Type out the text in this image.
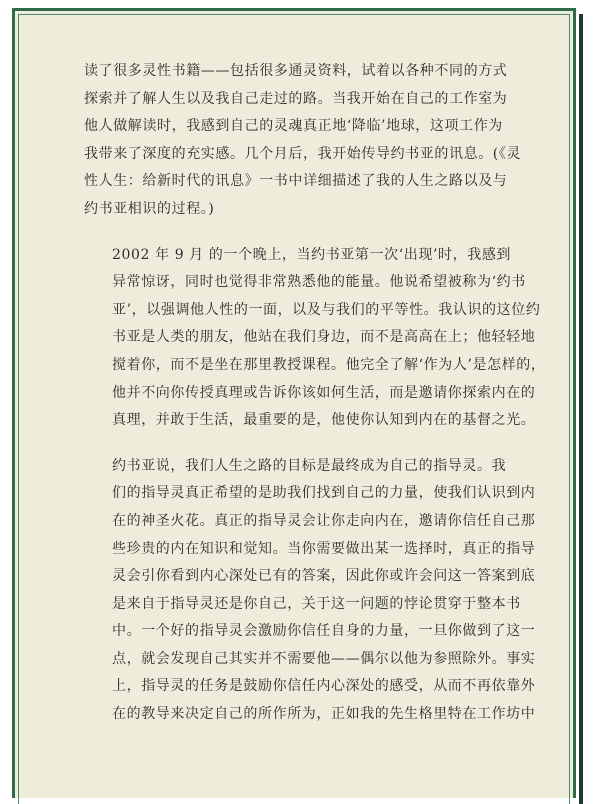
读了很多灵性书籍——包括很多通灵资料，试着以各种不同的方式
探索并了解人生以及我自己走过的路。当我开始在自己的工作室为
他人做解读时，我感到自己的灵魂真正地‘降临’地球，这项工作为
我带来了深度的充实感。几个月后，我开始传导约书亚的讯息。(《灵
性人生：给新时代的讯息》一书中详细描述了我的人生之路以及与
约书亚相识的过程。)
2002 年 9 月 的一个晚上，当约书亚第一次‘出现’时，我感到
异常惊讶，同时也觉得非常熟悉他的能量。他说希望被称为‘约书
亚’，以强调他人性的一面，以及与我们的平等性。我认识的这位约
书亚是人类的朋友，他站在我们身边，而不是高高在上；他轻轻地
搅着你，而不是坐在那里教授课程。他完全了解‘作为人’是怎样的，
他并不向你传授真理或告诉你该如何生活，而是邀请你探索内在的
真理，并敢于生活，最重要的是，他使你认知到内在的基督之光。
约书亚说，我们人生之路的目标是最终成为自己的指导灵。我
们的指导灵真正希望的是助我们找到自己的力量，使我们认识到内
在的神圣火花。真正的指导灵会让你走向内在，邀请你信任自己那
些珍贵的内在知识和觉知。当你需要做出某一选择时，真正的指导
灵会引你看到内心深处已有的答案，因此你或许会问这一答案到底
是来自于指导灵还是你自己，关于这一问题的悖论贯穿于整本书
中。一个好的指导灵会激励你信任自身的力量，一旦你做到了这一
点，就会发现自己其实并不需要他——偶尔以他为参照除外。事实
上，指导灵的任务是鼓励你信任内心深处的感受，从而不再依靠外
在的教导来决定自己的所作所为，正如我的先生格里特在工作坊中
